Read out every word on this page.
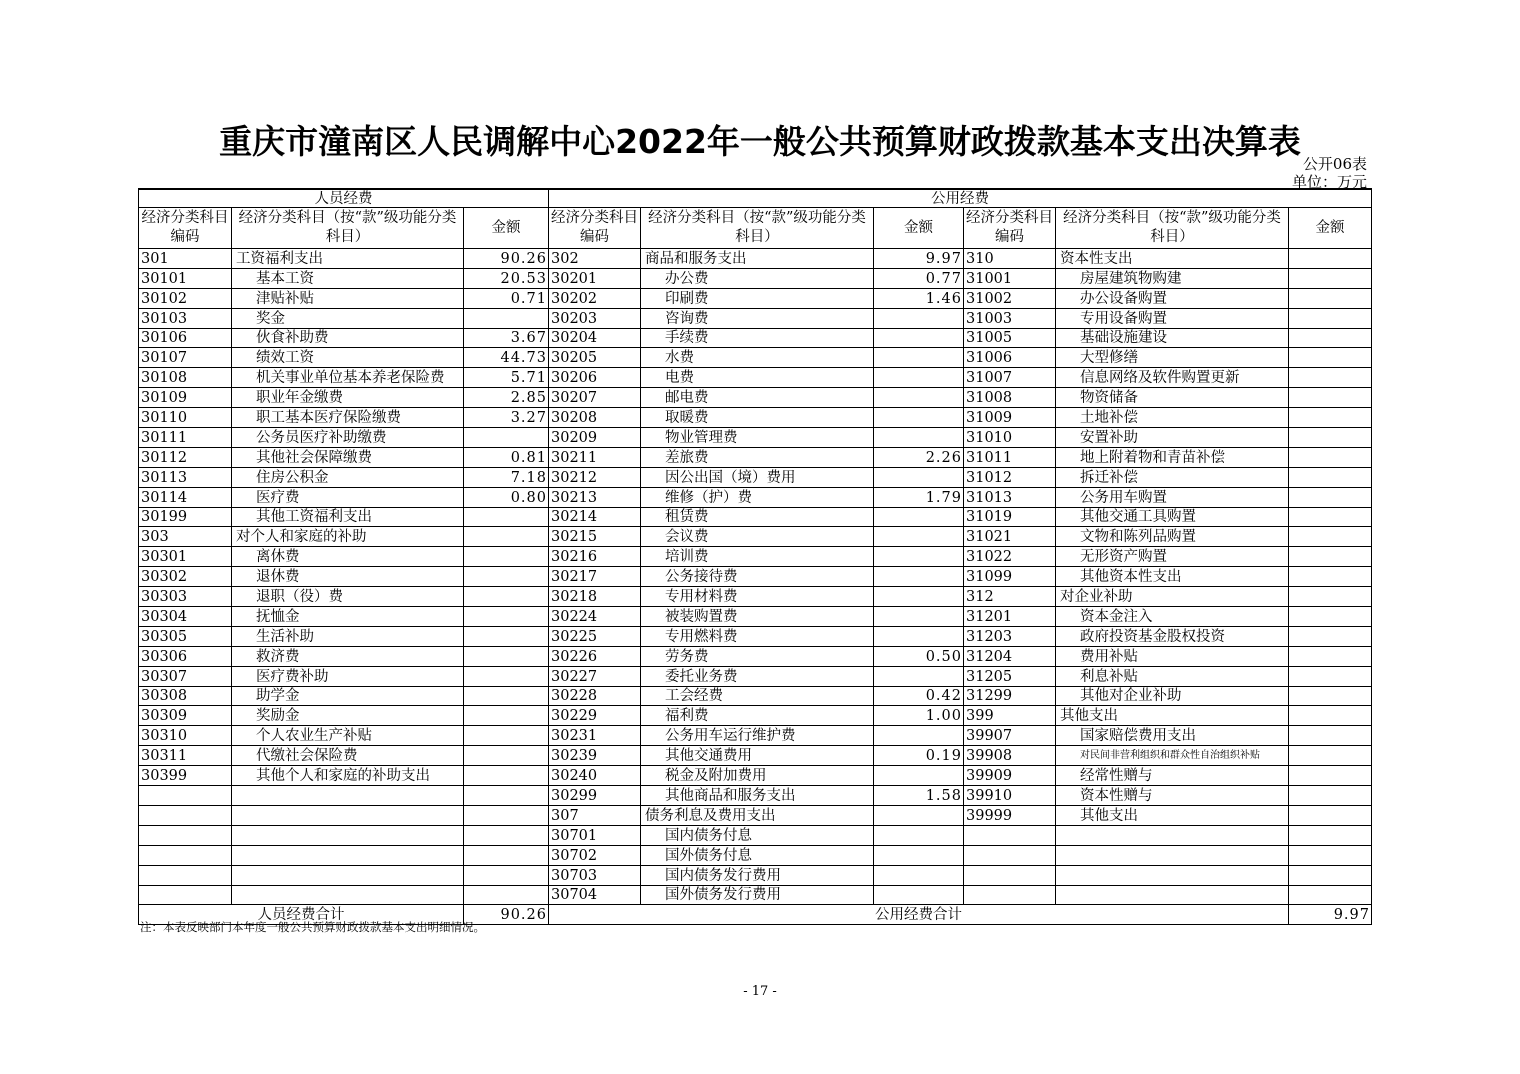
重庆市潼南区人民调解中心2022年一般公共预算财政拨款基本支出决算表
公开06表
单位：万元
人员经费			公用经费					
经济分类科目编码	经济分类科目（按“款”级功能分类科目）	金额	经济分类科目编码	经济分类科目（按“款”级功能分类科目）	金额	经济分类科目编码	经济分类科目（按“款”级功能分类科目）	金额
301	工资福利支出	90.26	302	商品和服务支出	9.97	310	资本性支出	
30101	基本工资	20.53	30201	办公费	0.77	31001	房屋建筑物购建	
30102	津贴补贴	0.71	30202	印刷费	1.46	31002	办公设备购置	
30103	奖金		30203	咨询费		31003	专用设备购置	
30106	伙食补助费	3.67	30204	手续费		31005	基础设施建设	
30107	绩效工资	44.73	30205	水费		31006	大型修缮	
30108	机关事业单位基本养老保险费	5.71	30206	电费		31007	信息网络及软件购置更新	
30109	职业年金缴费	2.85	30207	邮电费		31008	物资储备	
30110	职工基本医疗保险缴费	3.27	30208	取暖费		31009	土地补偿	
30111	公务员医疗补助缴费		30209	物业管理费		31010	安置补助	
30112	其他社会保障缴费	0.81	30211	差旅费	2.26	31011	地上附着物和青苗补偿	
30113	住房公积金	7.18	30212	因公出国（境）费用		31012	拆迁补偿	
30114	医疗费	0.80	30213	维修（护）费	1.79	31013	公务用车购置	
30199	其他工资福利支出		30214	租赁费		31019	其他交通工具购置	
303	对个人和家庭的补助		30215	会议费		31021	文物和陈列品购置	
30301	离休费		30216	培训费		31022	无形资产购置	
30302	退休费		30217	公务接待费		31099	其他资本性支出	
30303	退职（役）费		30218	专用材料费		312	对企业补助	
30304	抚恤金		30224	被装购置费		31201	资本金注入	
30305	生活补助		30225	专用燃料费		31203	政府投资基金股权投资	
30306	救济费		30226	劳务费	0.50	31204	费用补贴	
30307	医疗费补助		30227	委托业务费		31205	利息补贴	
30308	助学金		30228	工会经费	0.42	31299	其他对企业补助	
30309	奖励金		30229	福利费	1.00	399	其他支出	
30310	个人农业生产补贴		30231	公务用车运行维护费		39907	国家赔偿费用支出	
30311	代缴社会保险费		30239	其他交通费用	0.19	39908	对民间非营利组织和群众性自治组织补贴	
30399	其他个人和家庭的补助支出		30240	税金及附加费用		39909	经常性赠与	
			30299	其他商品和服务支出	1.58	39910	资本性赠与	
			307	债务利息及费用支出		39999	其他支出	
			30701	国内债务付息				
			30702	国外债务付息				
			30703	国内债务发行费用				
			30704	国外债务发行费用				
人员经费合计		90.26	公用经费合计					9.97
注：本表反映部门本年度一般公共预算财政拨款基本支出明细情况。
- 17 -
